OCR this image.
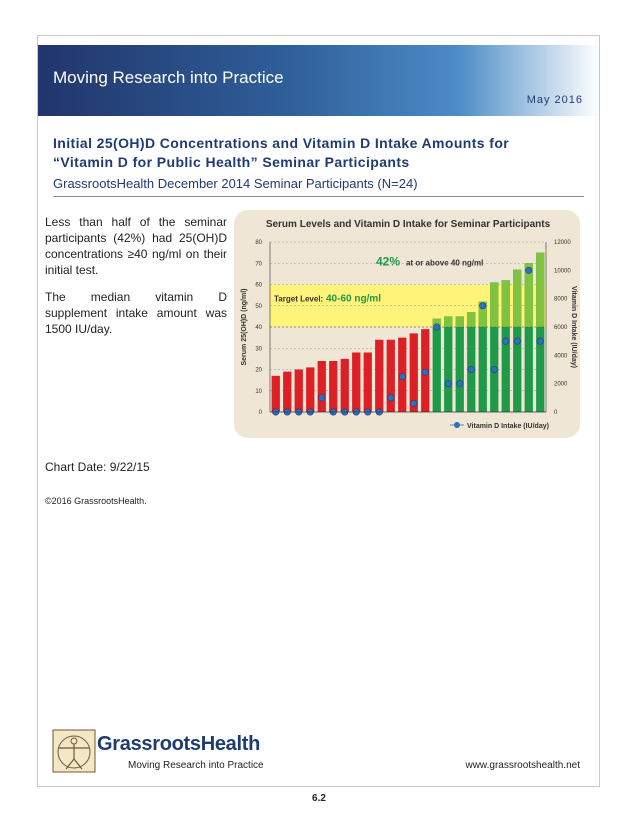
Moving Research into Practice
May 2016
Initial 25(OH)D Concentrations and Vitamin D Intake Amounts for
“Vitamin D for Public Health” Seminar Participants
GrassrootsHealth December 2014 Seminar Participants (N=24)

Less than half of the seminar participants (42%) had 25(OH)D concentrations ≥40 ng/ml on their initial test.

The median vitamin D supplement intake amount was 1500 IU/day.

Chart Date: 9/22/15
©2016 GrassrootsHealth.
Serum Levels and Vitamin D Intake for Seminar Participants
0
10
20
30
40
50
60
70
80
0
2000
4000
6000
8000
10000
12000
Serum 25(OH)D (ng/ml)	Vitamin D Intake (IU/day)
Target Level: 40-60 ng/ml
42% at or above 40 ng/ml
Vitamin D Intake (IU/day)
GrassrootsHealth
Moving Research into Practice	www.grassrootshealth.net
6.2
